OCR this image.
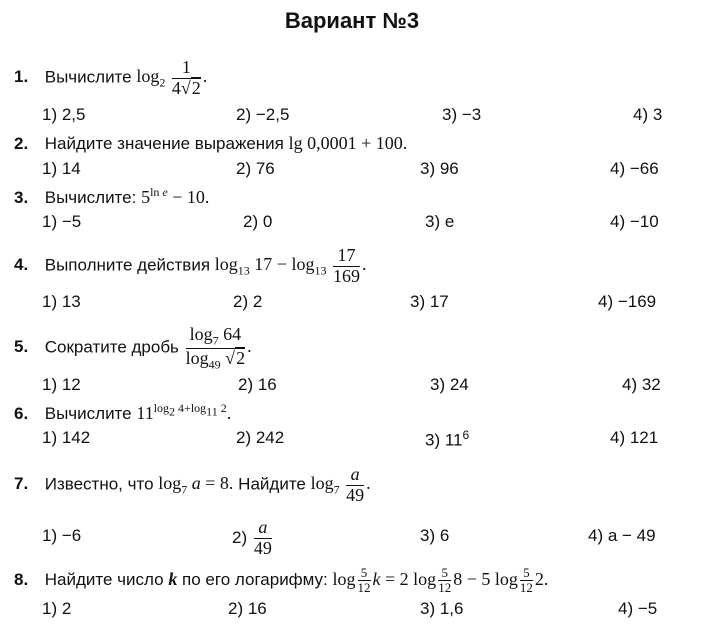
Вариант №3
1. Вычислите $\log_2 \frac{1}{4√2}$ .
1) 2,5	2) −2,5	3) −3	4) 3
2. Найдите значение выражения lg 0,0001 + 100.
1) 14	2) 76	3) 96	4) −66
3. Вычислите: $5^{ln e} - 10$.
1) −5	2) 0	3) e	4) −10
4. Выполните действия $\log_{13} 17 - \log_{13} \frac{17}{169}$ .
1) 13	2) 2	3) 17	4) −169
5. Сократите дробь $\frac{\log_7 64}{\log_{49} √2}$ .
1) 12	2) 16	3) 24	4) 32
6. Вычислите $11^{log_2 4+log_{11} 2}$.
1) 142	2) 242	3) $11^6$	4) 121
7. Известно, что $\log_7 a = 8$. Найдите $\log_7 \frac{a}{49}$ .
1) −6	$2) \frac{a}{49}$	3) 6	4) a − 49
8. Найдите число k по его логарифму: $\log \frac{5}{12}$ k = 2 $\log \frac{5}{12} 8 - 5$ $\log \frac{5}{12} 2$.
1) 2	2) 16	3) 1,6	4) −5
